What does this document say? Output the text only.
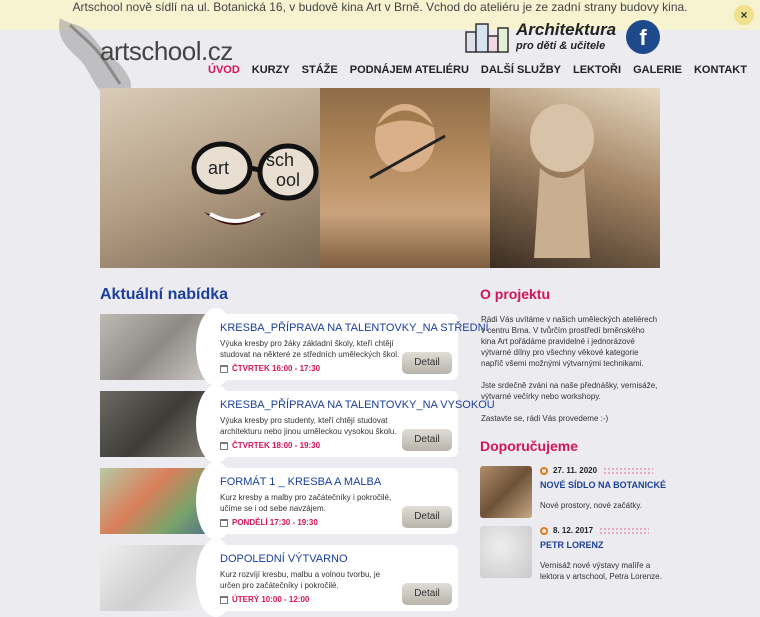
Artschool nově sídlí na ul. Botanická 16, v budově kina Art v Brně. Vchod do ateliéru je ze zadní strany budovy kina.
×
artschool.cz
Architektura
pro děti & učitele	f
ÚVOD KURZY STÁŽE PODNÁJEM ATELIÉRU DALŠÍ SLUŽBY LEKTOŘI GALERIE KONTAKT
art sch
ool
Aktuální nabídka
KRESBA_PŘÍPRAVA NA TALENTOVKY_NA STŘEDNÍ
Výuka kresby pro žáky základní školy, kteří chtějí studovat na některé ze středních uměleckých škol.
ČTVRTEK 16:00 - 17:30
Detail
KRESBA_PŘÍPRAVA NA TALENTOVKY_NA VYSOKOU
Výuka kresby pro studenty, kteří chtějí studovat architekturu nebo jinou uměleckou vysokou školu.
ČTVRTEK 18:00 - 19:30
Detail
FORMÁT 1 _ KRESBA A MALBA
Kurz kresby a malby pro začátečníky i pokročilé, učíme se i od sebe navzájem.
PONDĚLÍ 17:30 - 19:30
Detail
DOPOLEDNÍ VÝTVARNO
Kurz rozvíjí kresbu, malbu a volnou tvorbu, je určen pro začátečníky i pokročilé.
ÚTERÝ 10:00 - 12:00
Detail
O projektu

Rádi Vás uvítáme v našich uměleckých ateliérech v centru Brna. V tvůrčím prostředí brněnského kina Art pořádáme pravidelné i jednorázové výtvarné dílny pro všechny věkové kategorie napříč všemi možnými výtvarnými technikami.

Jste srdečně zváni na naše přednášky, vernisáže, výtvarné večírky nebo workshopy.

Zastavte se, rádi Vás provedeme :-)

Doporučujeme
27. 11. 2020
NOVÉ SÍDLO NA BOTANICKÉ
Nové prostory, nové začátky.
8. 12. 2017
PETR LORENZ
Vernisáž nové výstavy malíře a lektora v artschool, Petra Lorenze.
